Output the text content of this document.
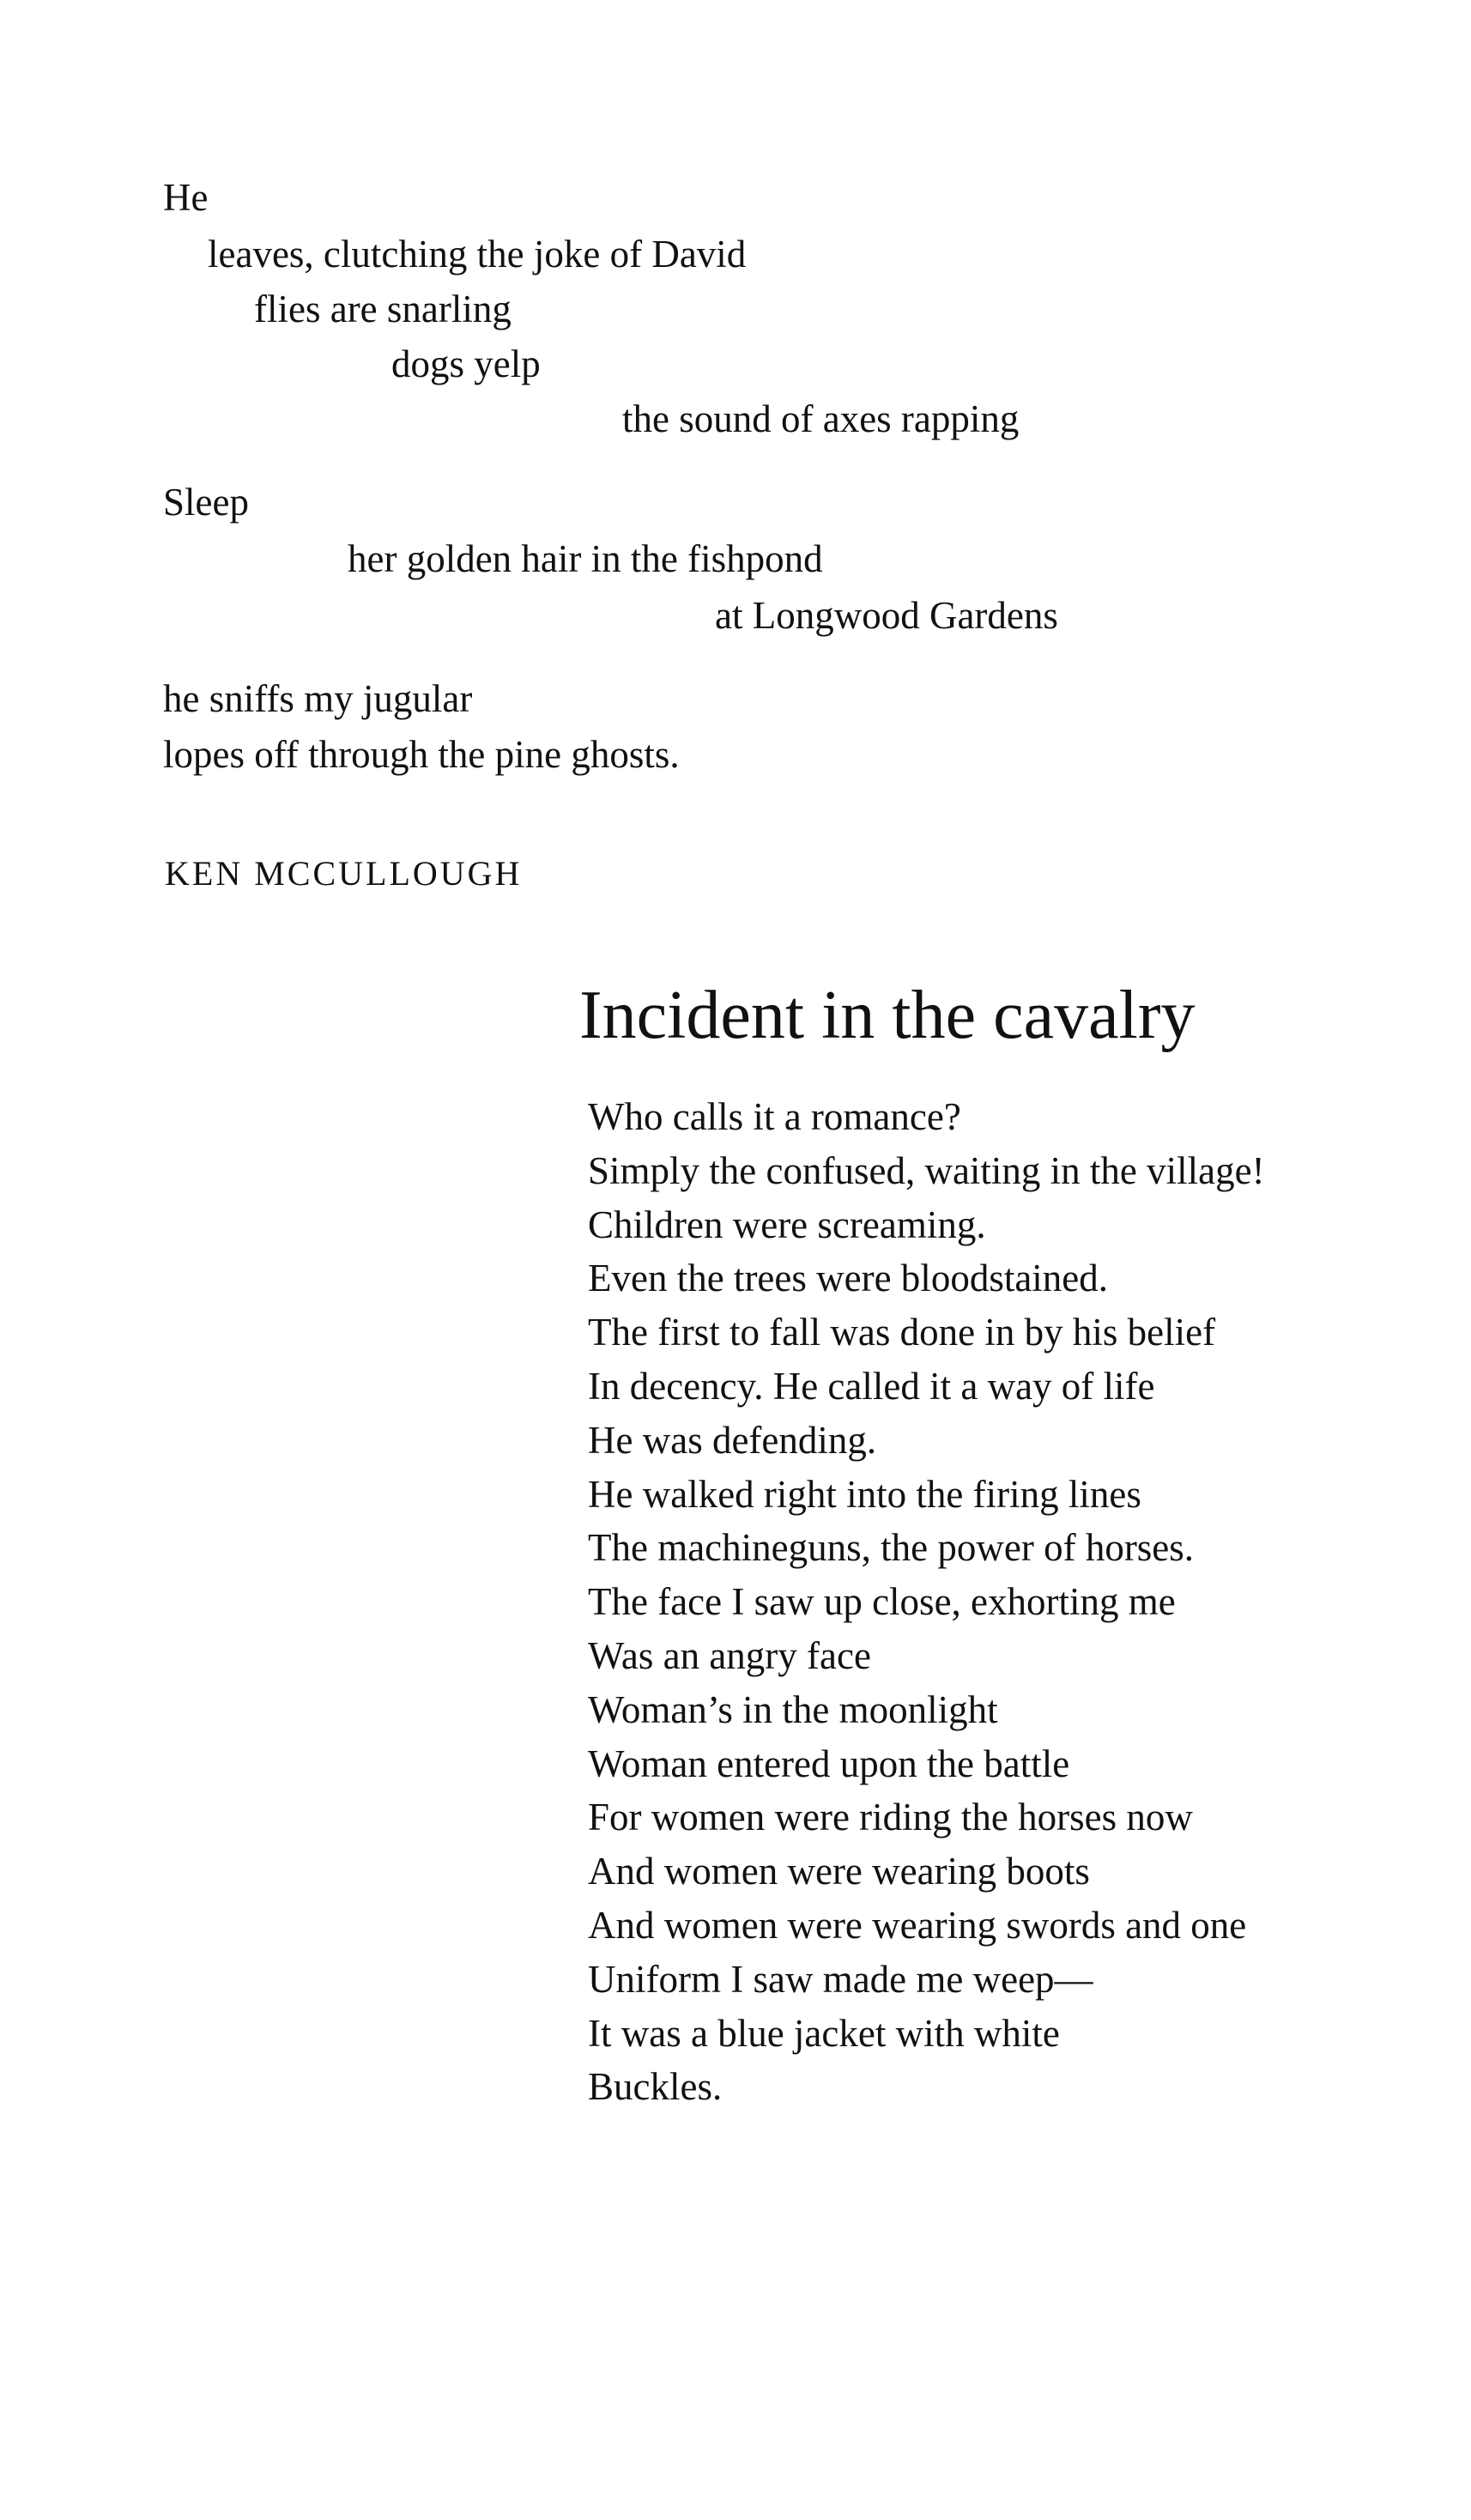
He
leaves, clutching the joke of David
flies are snarling
dogs yelp
the sound of axes rapping
Sleep
her golden hair in the fishpond
at Longwood Gardens
he sniffs my jugular
lopes off through the pine ghosts.
KEN MCCULLOUGH
Incident in the cavalry
Who calls it a romance?
Simply the confused, waiting in the village!
Children were screaming.
Even the trees were bloodstained.
The first to fall was done in by his belief
In decency. He called it a way of life
He was defending.
He walked right into the firing lines
The machineguns, the power of horses.
The face I saw up close, exhorting me
Was an angry face
Woman’s in the moonlight
Woman entered upon the battle
For women were riding the horses now
And women were wearing boots
And women were wearing swords and one
Uniform I saw made me weep—
It was a blue jacket with white
Buckles.
